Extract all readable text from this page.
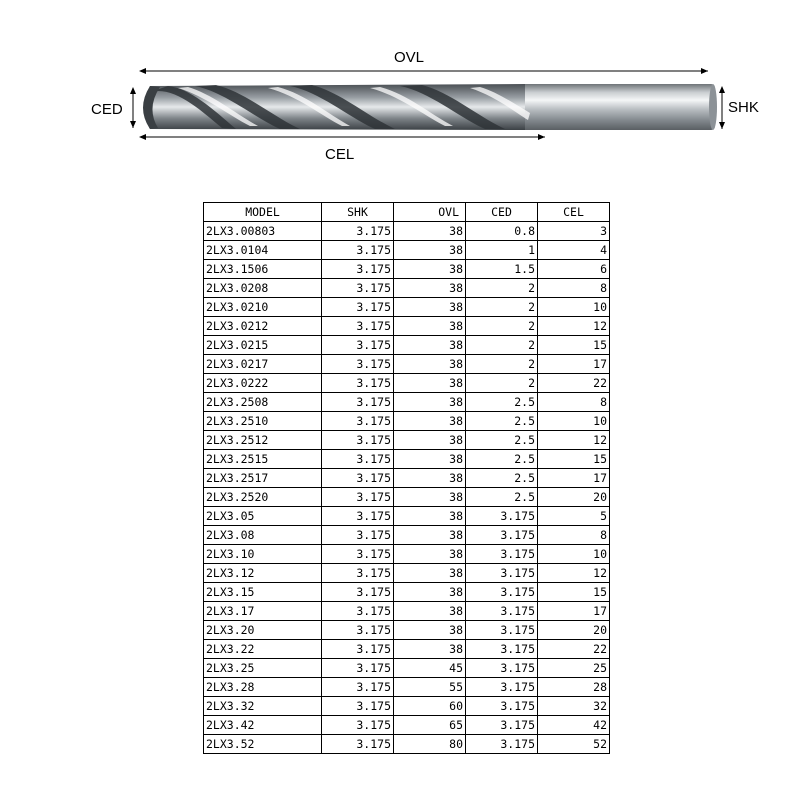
OVL
CED	SHK
CEL
MODEL	SHK	OVL	CED	CEL
2LX3.00803	3.175	38	0.8	3
2LX3.0104	3.175	38	1	4
2LX3.1506	3.175	38	1.5	6
2LX3.0208	3.175	38	2	8
2LX3.0210	3.175	38	2	10
2LX3.0212	3.175	38	2	12
2LX3.0215	3.175	38	2	15
2LX3.0217	3.175	38	2	17
2LX3.0222	3.175	38	2	22
2LX3.2508	3.175	38	2.5	8
2LX3.2510	3.175	38	2.5	10
2LX3.2512	3.175	38	2.5	12
2LX3.2515	3.175	38	2.5	15
2LX3.2517	3.175	38	2.5	17
2LX3.2520	3.175	38	2.5	20
2LX3.05	3.175	38	3.175	5
2LX3.08	3.175	38	3.175	8
2LX3.10	3.175	38	3.175	10
2LX3.12	3.175	38	3.175	12
2LX3.15	3.175	38	3.175	15
2LX3.17	3.175	38	3.175	17
2LX3.20	3.175	38	3.175	20
2LX3.22	3.175	38	3.175	22
2LX3.25	3.175	45	3.175	25
2LX3.28	3.175	55	3.175	28
2LX3.32	3.175	60	3.175	32
2LX3.42	3.175	65	3.175	42
2LX3.52	3.175	80	3.175	52
